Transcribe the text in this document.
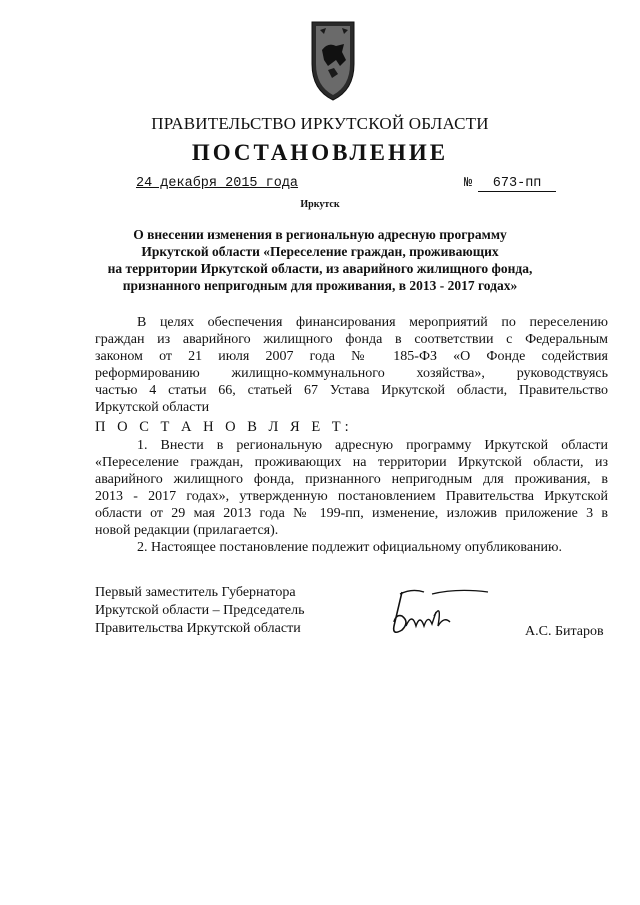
ПРАВИТЕЛЬСТВО ИРКУТСКОЙ ОБЛАСТИ
ПОСТАНОВЛЕНИЕ
24 декабря 2015 года	№ 673-пп
Иркутск
О внесении изменения в региональную адресную программу
Иркутской области «Переселение граждан, проживающих
на территории Иркутской области, из аварийного жилищного фонда,
признанного непригодным для проживания, в 2013 - 2017 годах»
В целях обеспечения финансирования мероприятий по переселению
граждан из аварийного жилищного фонда в соответствии с Федеральным
законом от 21 июля 2007 года № 185-ФЗ «О Фонде содействия
реформированию жилищно-коммунального хозяйства», руководствуясь
частью 4 статьи 66, статьей 67 Устава Иркутской области, Правительство
Иркутской области
П О С Т А Н О В Л Я Е Т:
1. Внести в региональную адресную программу Иркутской области
«Переселение граждан, проживающих на территории Иркутской области, из
аварийного жилищного фонда, признанного непригодным для проживания, в
2013 - 2017 годах», утвержденную постановлением Правительства Иркутской
области от 29 мая 2013 года № 199-пп, изменение, изложив приложение 3 в
новой редакции (прилагается).
2. Настоящее постановление подлежит официальному опубликованию.
Первый заместитель Губернатора
Иркутской области – Председатель
Правительства Иркутской области	А.С. Битаров
